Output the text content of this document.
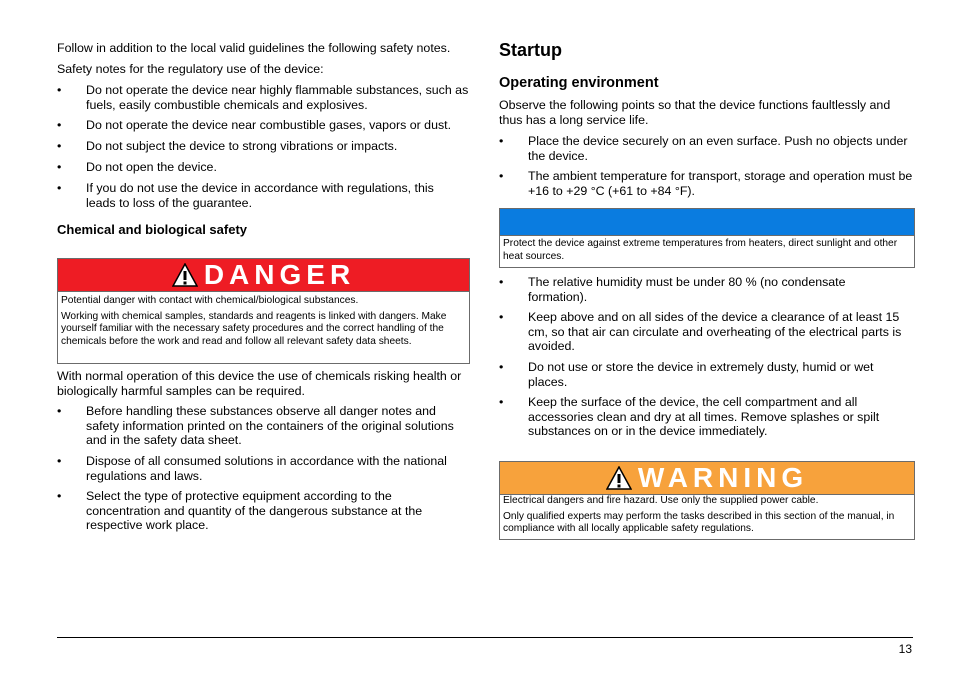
Follow in addition to the local valid guidelines the following safety notes.

Safety notes for the regulatory use of the device:

• Do not operate the device near highly flammable substances, such as fuels, easily combustible chemicals and explosives.
• Do not operate the device near combustible gases, vapors or dust.
• Do not subject the device to strong vibrations or impacts.
• Do not open the device.
• If you do not use the device in accordance with regulations, this leads to loss of the guarantee.
Chemical and biological safety
DANGER
Potential danger with contact with chemical/biological substances.
Working with chemical samples, standards and reagents is linked with dangers. Make yourself familiar with the necessary safety procedures and the correct handling of the chemicals before the work and read and follow all relevant safety data sheets.

With normal operation of this device the use of chemicals risking health or biologically harmful samples can be required.

• Before handling these substances observe all danger notes and safety information printed on the containers of the original solutions and in the safety data sheet.
• Dispose of all consumed solutions in accordance with the national regulations and laws.
• Select the type of protective equipment according to the concentration and quantity of the dangerous substance at the respective work place.
Startup
Operating environment

Observe the following points so that the device functions faultlessly and thus has a long service life.

• Place the device securely on an even surface. Push no objects under the device.
• The ambient temperature for transport, storage and operation must be +16 to +29 °C (+61 to +84 °F).
Protect the device against extreme temperatures from heaters, direct sunlight and other heat sources.
• The relative humidity must be under 80 % (no condensate formation).
• Keep above and on all sides of the device a clearance of at least 15 cm, so that air can circulate and overheating of the electrical parts is avoided.
• Do not use or store the device in extremely dusty, humid or wet places.
• Keep the surface of the device, the cell compartment and all accessories clean and dry at all times. Remove splashes or spilt substances on or in the device immediately.
WARNING
Electrical dangers and fire hazard. Use only the supplied power cable.
Only qualified experts may perform the tasks described in this section of the manual, in compliance with all locally applicable safety regulations.
13
